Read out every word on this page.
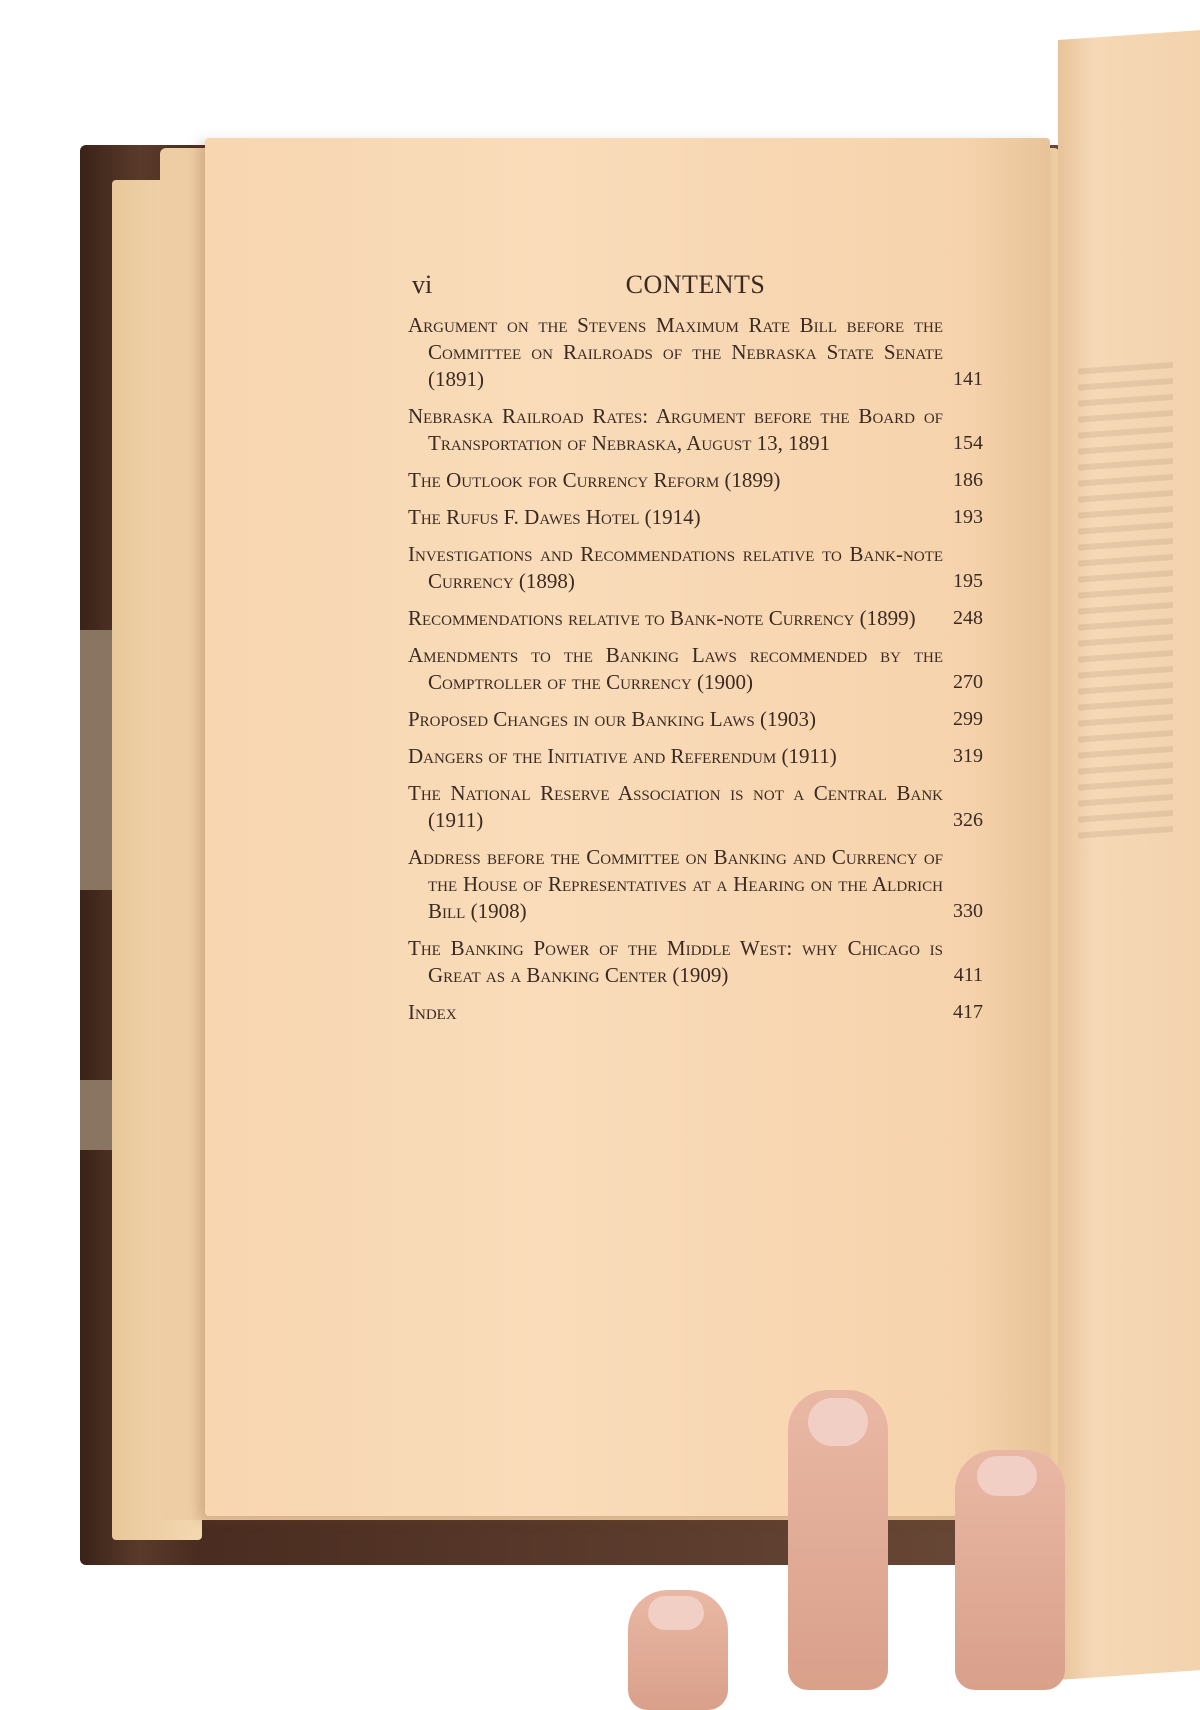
vi	CONTENTS
Argument on the Stevens Maximum Rate Bill before the Committee on Railroads of the Nebraska State Senate (1891)	141
Nebraska Railroad Rates: Argument before the Board of Transportation of Nebraska, August 13, 1891	154
The Outlook for Currency Reform (1899)	186
The Rufus F. Dawes Hotel (1914)	193
Investigations and Recommendations relative to Bank-note Currency (1898)	195
Recommendations relative to Bank-note Currency (1899)	248
Amendments to the Banking Laws recommended by the Comptroller of the Currency (1900)	270
Proposed Changes in our Banking Laws (1903)	299
Dangers of the Initiative and Referendum (1911)	319
The National Reserve Association is not a Central Bank (1911)	326
Address before the Committee on Banking and Currency of the House of Representatives at a Hearing on the Aldrich Bill (1908)	330
The Banking Power of the Middle West: why Chicago is Great as a Banking Center (1909)	411
Index	417
